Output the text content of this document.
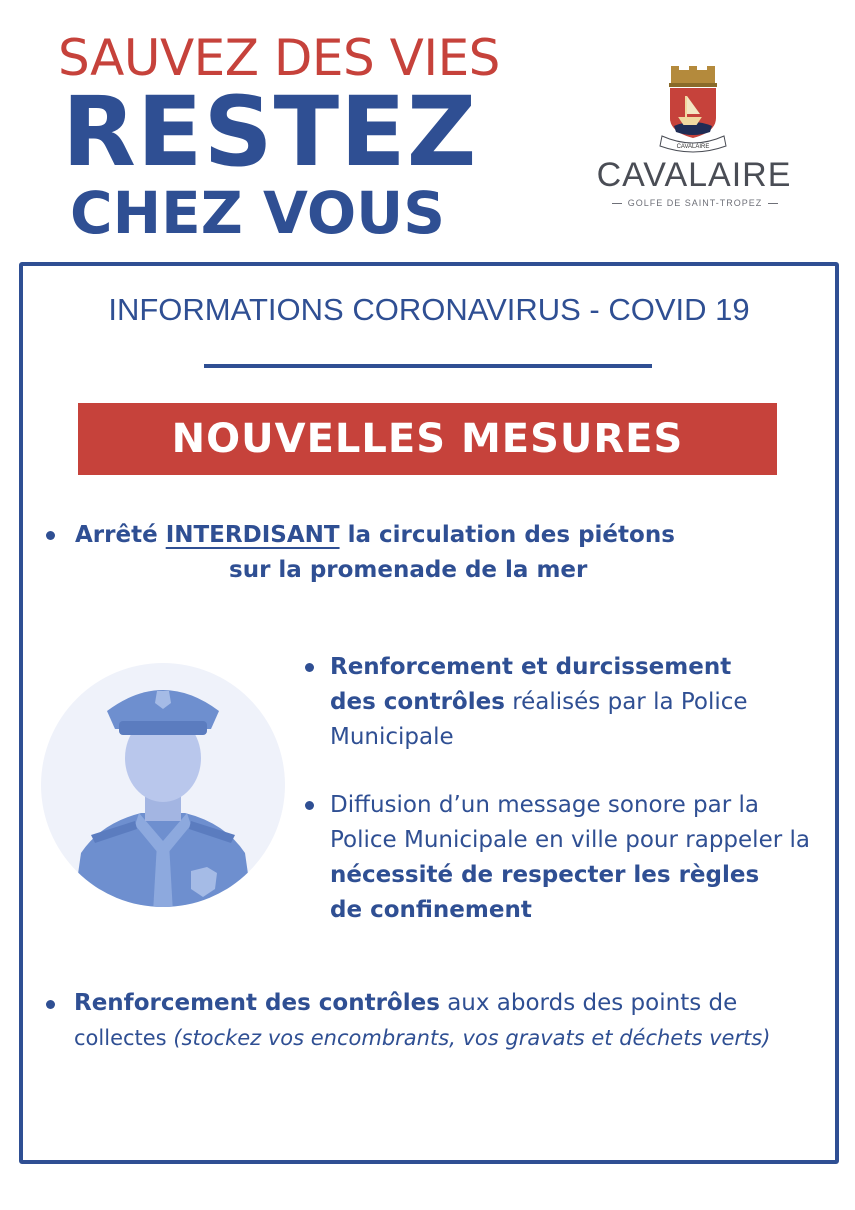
SAUVEZ DES VIES
RESTEZ
CHEZ VOUS
CAVALAIRE
CAVALAIRE
GOLFE DE SAINT-TROPEZ
INFORMATIONS CORONAVIRUS - COVID 19
NOUVELLES MESURES
Arrêté INTERDISANT la circulation des piétons
sur la promenade de la mer
Renforcement et durcissement
des contrôles réalisés par la Police
Municipale
Diffusion d’un message sonore par la
Police Municipale en ville pour rappeler la
nécessité de respecter les règles
de confinement
Renforcement des contrôles aux abords des points de
collectes (stockez vos encombrants, vos gravats et déchets verts)
